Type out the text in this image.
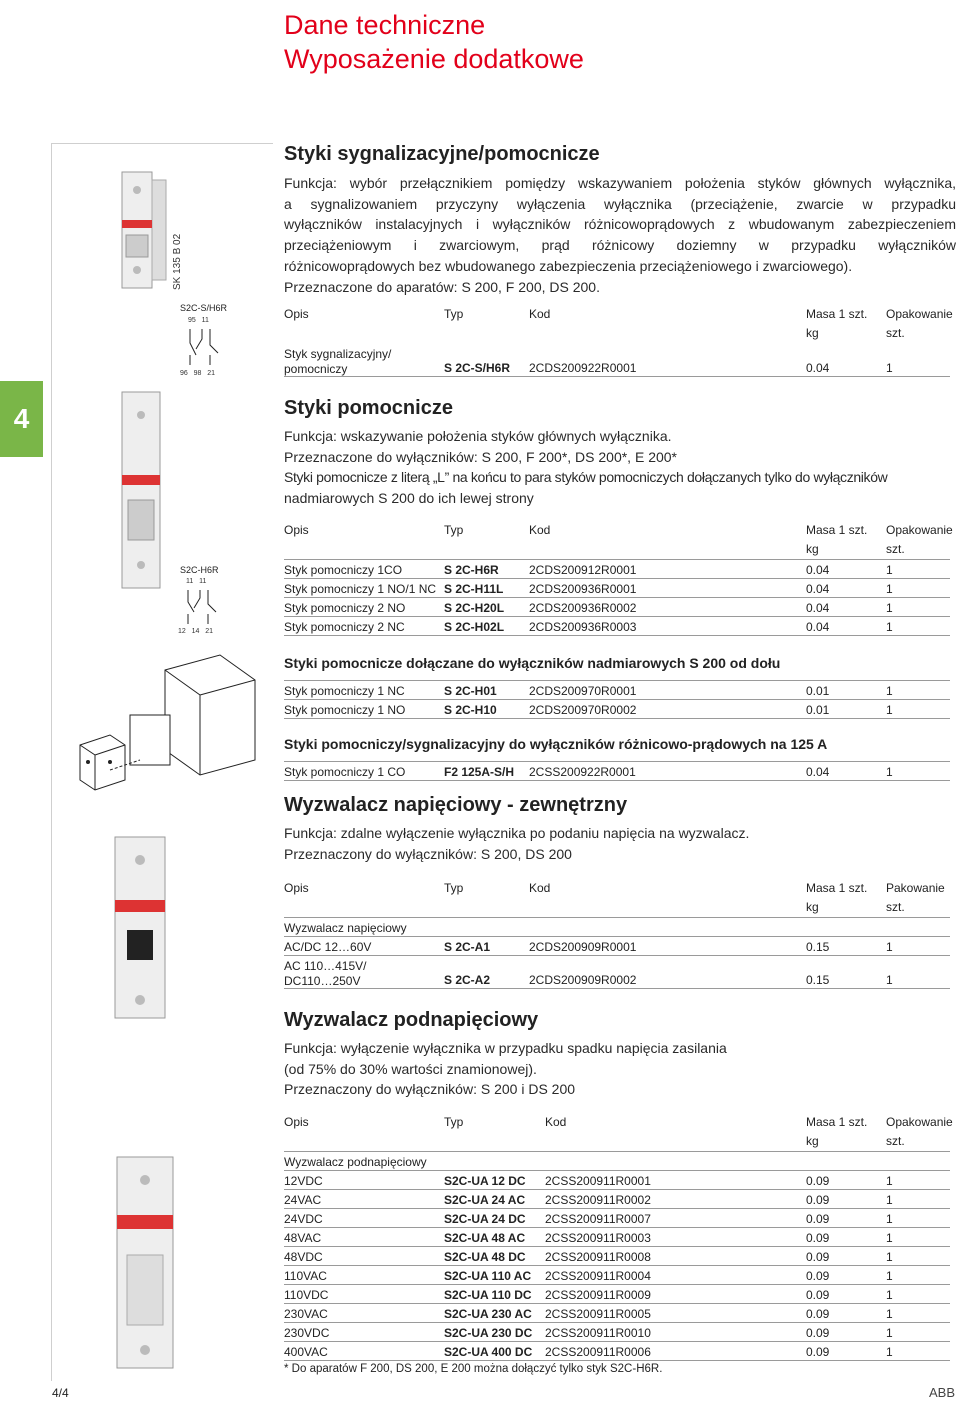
Dane techniczne
Wyposażenie dodatkowe
4
SK 135 B 02
S2C-S/H6R
95   11
96   98   21
S2C-H6R
11   11
12   14   21
Styki sygnalizacyjne/pomocnicze
Funkcja: wybór przełącznikiem pomiędzy wskazywaniem położenia styków głównych wyłącznika,
a sygnalizowaniem przyczyny wyłączenia wyłącznika (przeciążenie, zwarcie w przypadku
wyłączników instalacyjnych i wyłączników różnicowoprądowych z wbudowanym zabezpieczeniem
przeciążeniowym i zwarciowym, prąd różnicowy doziemny w przypadku wyłączników
różnicowoprądowych bez wbudowanego zabezpieczenia przeciążeniowego i zwarciowego).
Przeznaczone do aparatów: S 200, F 200, DS 200.
Opis	Typ	Kod	Masa 1 szt. Opakowanie
kg	szt.
Styk sygnalizacyjny/
pomocniczy	S 2C-S/H6R 2CDS200922R0001	0.04	1
Styki pomocnicze
Funkcja: wskazywanie położenia styków głównych wyłącznika.
Przeznaczone do wyłączników: S 200, F 200*, DS 200*, E 200*
Styki pomocnicze z literą „L” na końcu to para styków pomocniczych dołączanych tylko do wyłączników
nadmiarowych S 200 do ich lewej strony
Opis	Typ	Kod	Masa 1 szt. Opakowanie
kg	szt.
Styk pomocniczy 1CO	S 2C-H6R	2CDS200912R0001	0.04	1
Styk pomocniczy 1 NO/1 NC S 2C-H11L 2CDS200936R0001	0.04	1
Styk pomocniczy 2 NO	S 2C-H20L 2CDS200936R0002	0.04	1
Styk pomocniczy 2 NC	S 2C-H02L 2CDS200936R0003	0.04	1
Styki pomocnicze dołączane do wyłączników nadmiarowych S 200 od dołu
Styk pomocniczy 1 NC	S 2C-H01	2CDS200970R0001	0.01	1
Styk pomocniczy 1 NO	S 2C-H10	2CDS200970R0002	0.01	1
Styki pomocniczy/sygnalizacyjny do wyłączników różnicowo-prądowych na 125 A
Styk pomocniczy 1 CO	F2 125A-S/H 2CSS200922R0001	0.04	1
Wyzwalacz napięciowy - zewnętrzny
Funkcja: zdalne wyłączenie wyłącznika po podaniu napięcia na wyzwalacz.
Przeznaczony do wyłączników: S 200, DS 200
Opis	Typ	Kod	Masa 1 szt. Pakowanie
kg	szt.
Wyzwalacz napięciowy
AC/DC 12…60V	S 2C-A1	2CDS200909R0001	0.15	1
AC 110…415V/
DC110…250V	S 2C-A2	2CDS200909R0002	0.15	1
Wyzwalacz podnapięciowy
Funkcja: wyłączenie wyłącznika w przypadku spadku napięcia zasilania
(od 75% do 30% wartości znamionowej).
Przeznaczony do wyłączników: S 200 i DS 200
Opis	Typ	Kod	Masa 1 szt. Opakowanie
kg	szt.
Wyzwalacz podnapięciowy
12VDC	S2C-UA 12 DC 2CSS200911R0001	0.09	1
24VAC	S2C-UA 24 AC 2CSS200911R0002	0.09	1
24VDC	S2C-UA 24 DC 2CSS200911R0007	0.09	1
48VAC	S2C-UA 48 AC 2CSS200911R0003	0.09	1
48VDC	S2C-UA 48 DC 2CSS200911R0008	0.09	1
110VAC	S2C-UA 110 AC 2CSS200911R0004	0.09	1
110VDC	S2C-UA 110 DC 2CSS200911R0009	0.09	1
230VAC	S2C-UA 230 AC 2CSS200911R0005	0.09	1
230VDC	S2C-UA 230 DC 2CSS200911R0010	0.09	1
400VAC	S2C-UA 400 DC 2CSS200911R0006	0.09	1
* Do aparatów F 200, DS 200, E 200 można dołączyć tylko styk S2C-H6R.
4/4	ABB
